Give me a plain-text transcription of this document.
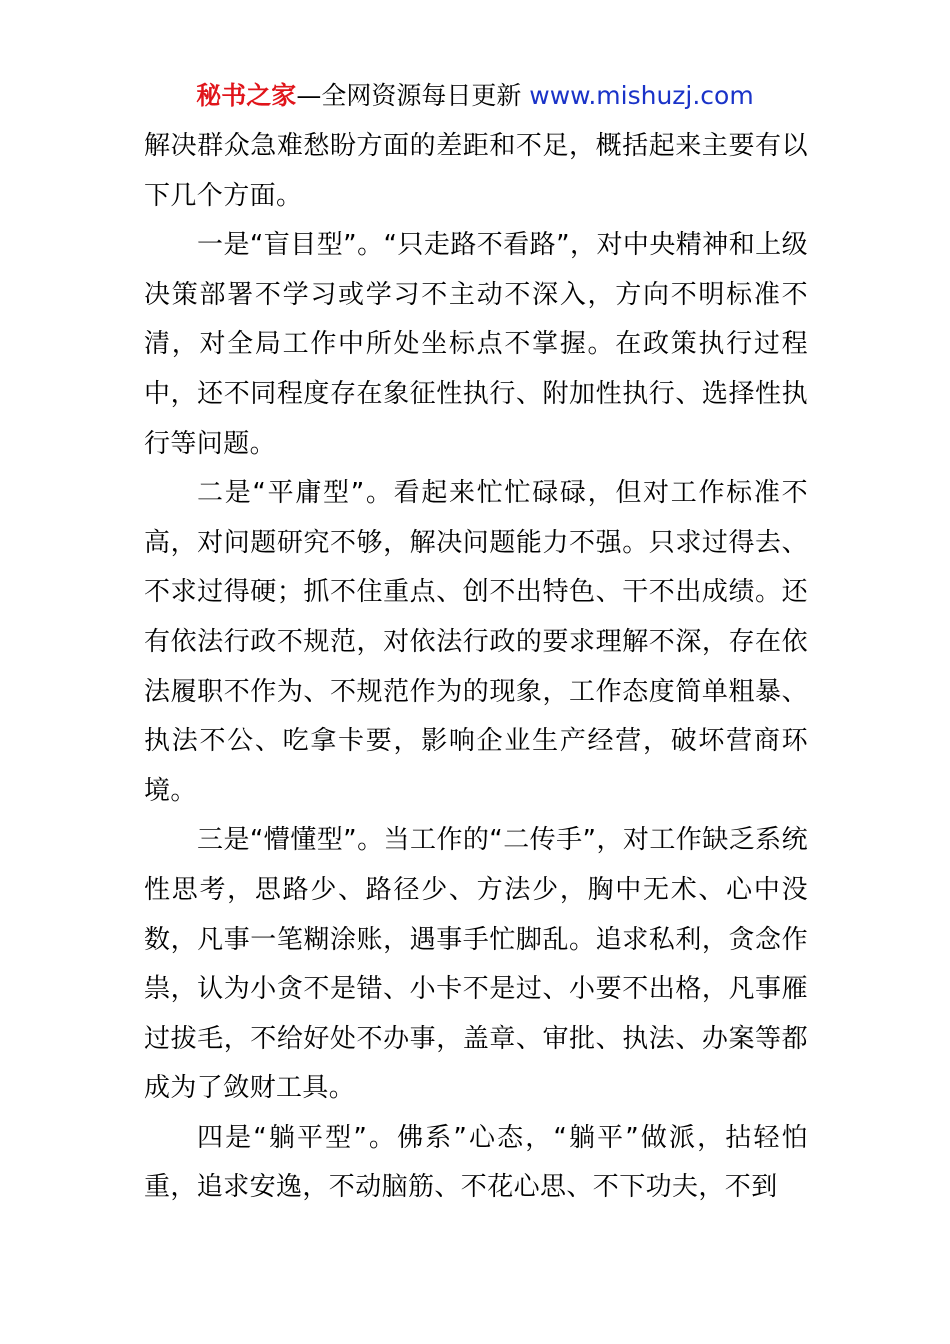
秘书之家—全网资源每日更新 www.mishuzj.com

解决群众急难愁盼方面的差距和不足，概括起来主要有以下几个方面。

一是“盲目型”。“只走路不看路”，对中央精神和上级决策部署不学习或学习不主动不深入，方向不明标准不清，对全局工作中所处坐标点不掌握。在政策执行过程中，还不同程度存在象征性执行、附加性执行、选择性执行等问题。

二是“平庸型”。看起来忙忙碌碌，但对工作标准不高，对问题研究不够，解决问题能力不强。只求过得去、不求过得硬；抓不住重点、创不出特色、干不出成绩。还有依法行政不规范，对依法行政的要求理解不深，存在依法履职不作为、不规范作为的现象，工作态度简单粗暴、执法不公、吃拿卡要，影响企业生产经营，破坏营商环境。

三是“懵懂型”。当工作的“二传手”，对工作缺乏系统性思考，思路少、路径少、方法少，胸中无术、心中没数，凡事一笔糊涂账，遇事手忙脚乱。追求私利，贪念作祟，认为小贪不是错、小卡不是过、小要不出格，凡事雁过拔毛，不给好处不办事，盖章、审批、执法、办案等都成为了敛财工具。

四是“躺平型”。佛系”心态，“躺平”做派，拈轻怕重，追求安逸，不动脑筋、不花心思、不下功夫，不到
